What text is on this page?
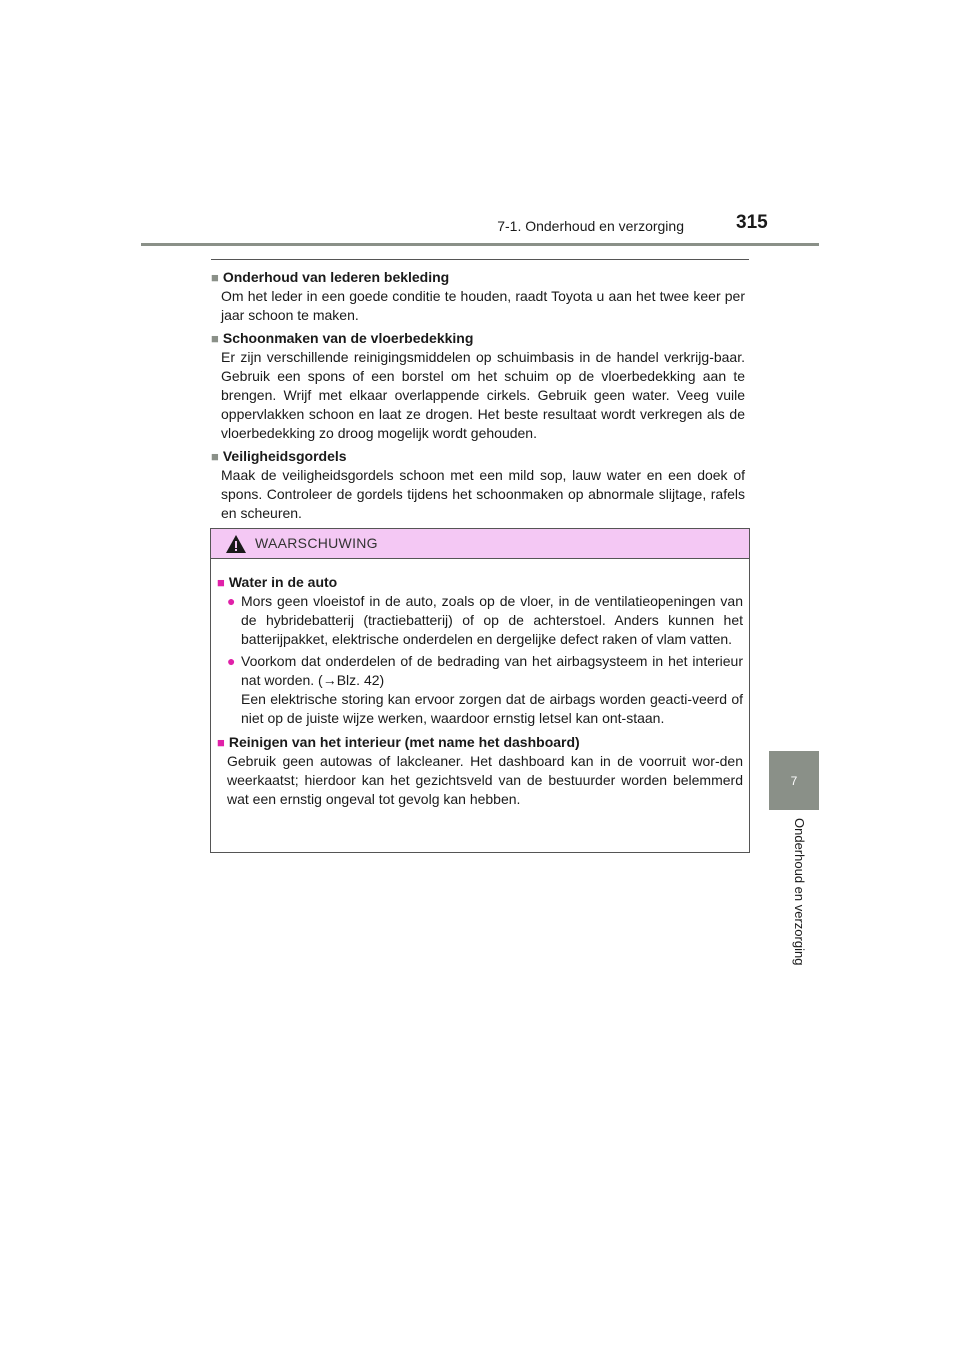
7-1. Onderhoud en verzorging	315
7
Onderhoud en verzorging
■ Onderhoud van lederen bekleding
Om het leder in een goede conditie te houden, raadt Toyota u aan het twee keer per jaar schoon te maken.
■ Schoonmaken van de vloerbedekking
Er zijn verschillende reinigingsmiddelen op schuimbasis in de handel verkrijg-baar. Gebruik een spons of een borstel om het schuim op de vloerbedekking aan te brengen. Wrijf met elkaar overlappende cirkels. Gebruik geen water. Veeg vuile oppervlakken schoon en laat ze drogen. Het beste resultaat wordt verkregen als de vloerbedekking zo droog mogelijk wordt gehouden.
■ Veiligheidsgordels
Maak de veiligheidsgordels schoon met een mild sop, lauw water en een doek of spons. Controleer de gordels tijdens het schoonmaken op abnormale slijtage, rafels en scheuren.
WAARSCHUWING
■ Water in de auto
● Mors geen vloeistof in de auto, zoals op de vloer, in de ventilatieopeningen van de hybridebatterij (tractiebatterij) of op de achterstoel. Anders kunnen het batterijpakket, elektrische onderdelen en dergelijke defect raken of vlam vatten.
● Voorkom dat onderdelen of de bedrading van het airbagsysteem in het interieur nat worden. (→Blz. 42)
Een elektrische storing kan ervoor zorgen dat de airbags worden geacti-veerd of niet op de juiste wijze werken, waardoor ernstig letsel kan ont-staan.
■ Reinigen van het interieur (met name het dashboard)
Gebruik geen autowas of lakcleaner. Het dashboard kan in de voorruit wor-den weerkaatst; hierdoor kan het gezichtsveld van de bestuurder worden belemmerd wat een ernstig ongeval tot gevolg kan hebben.
